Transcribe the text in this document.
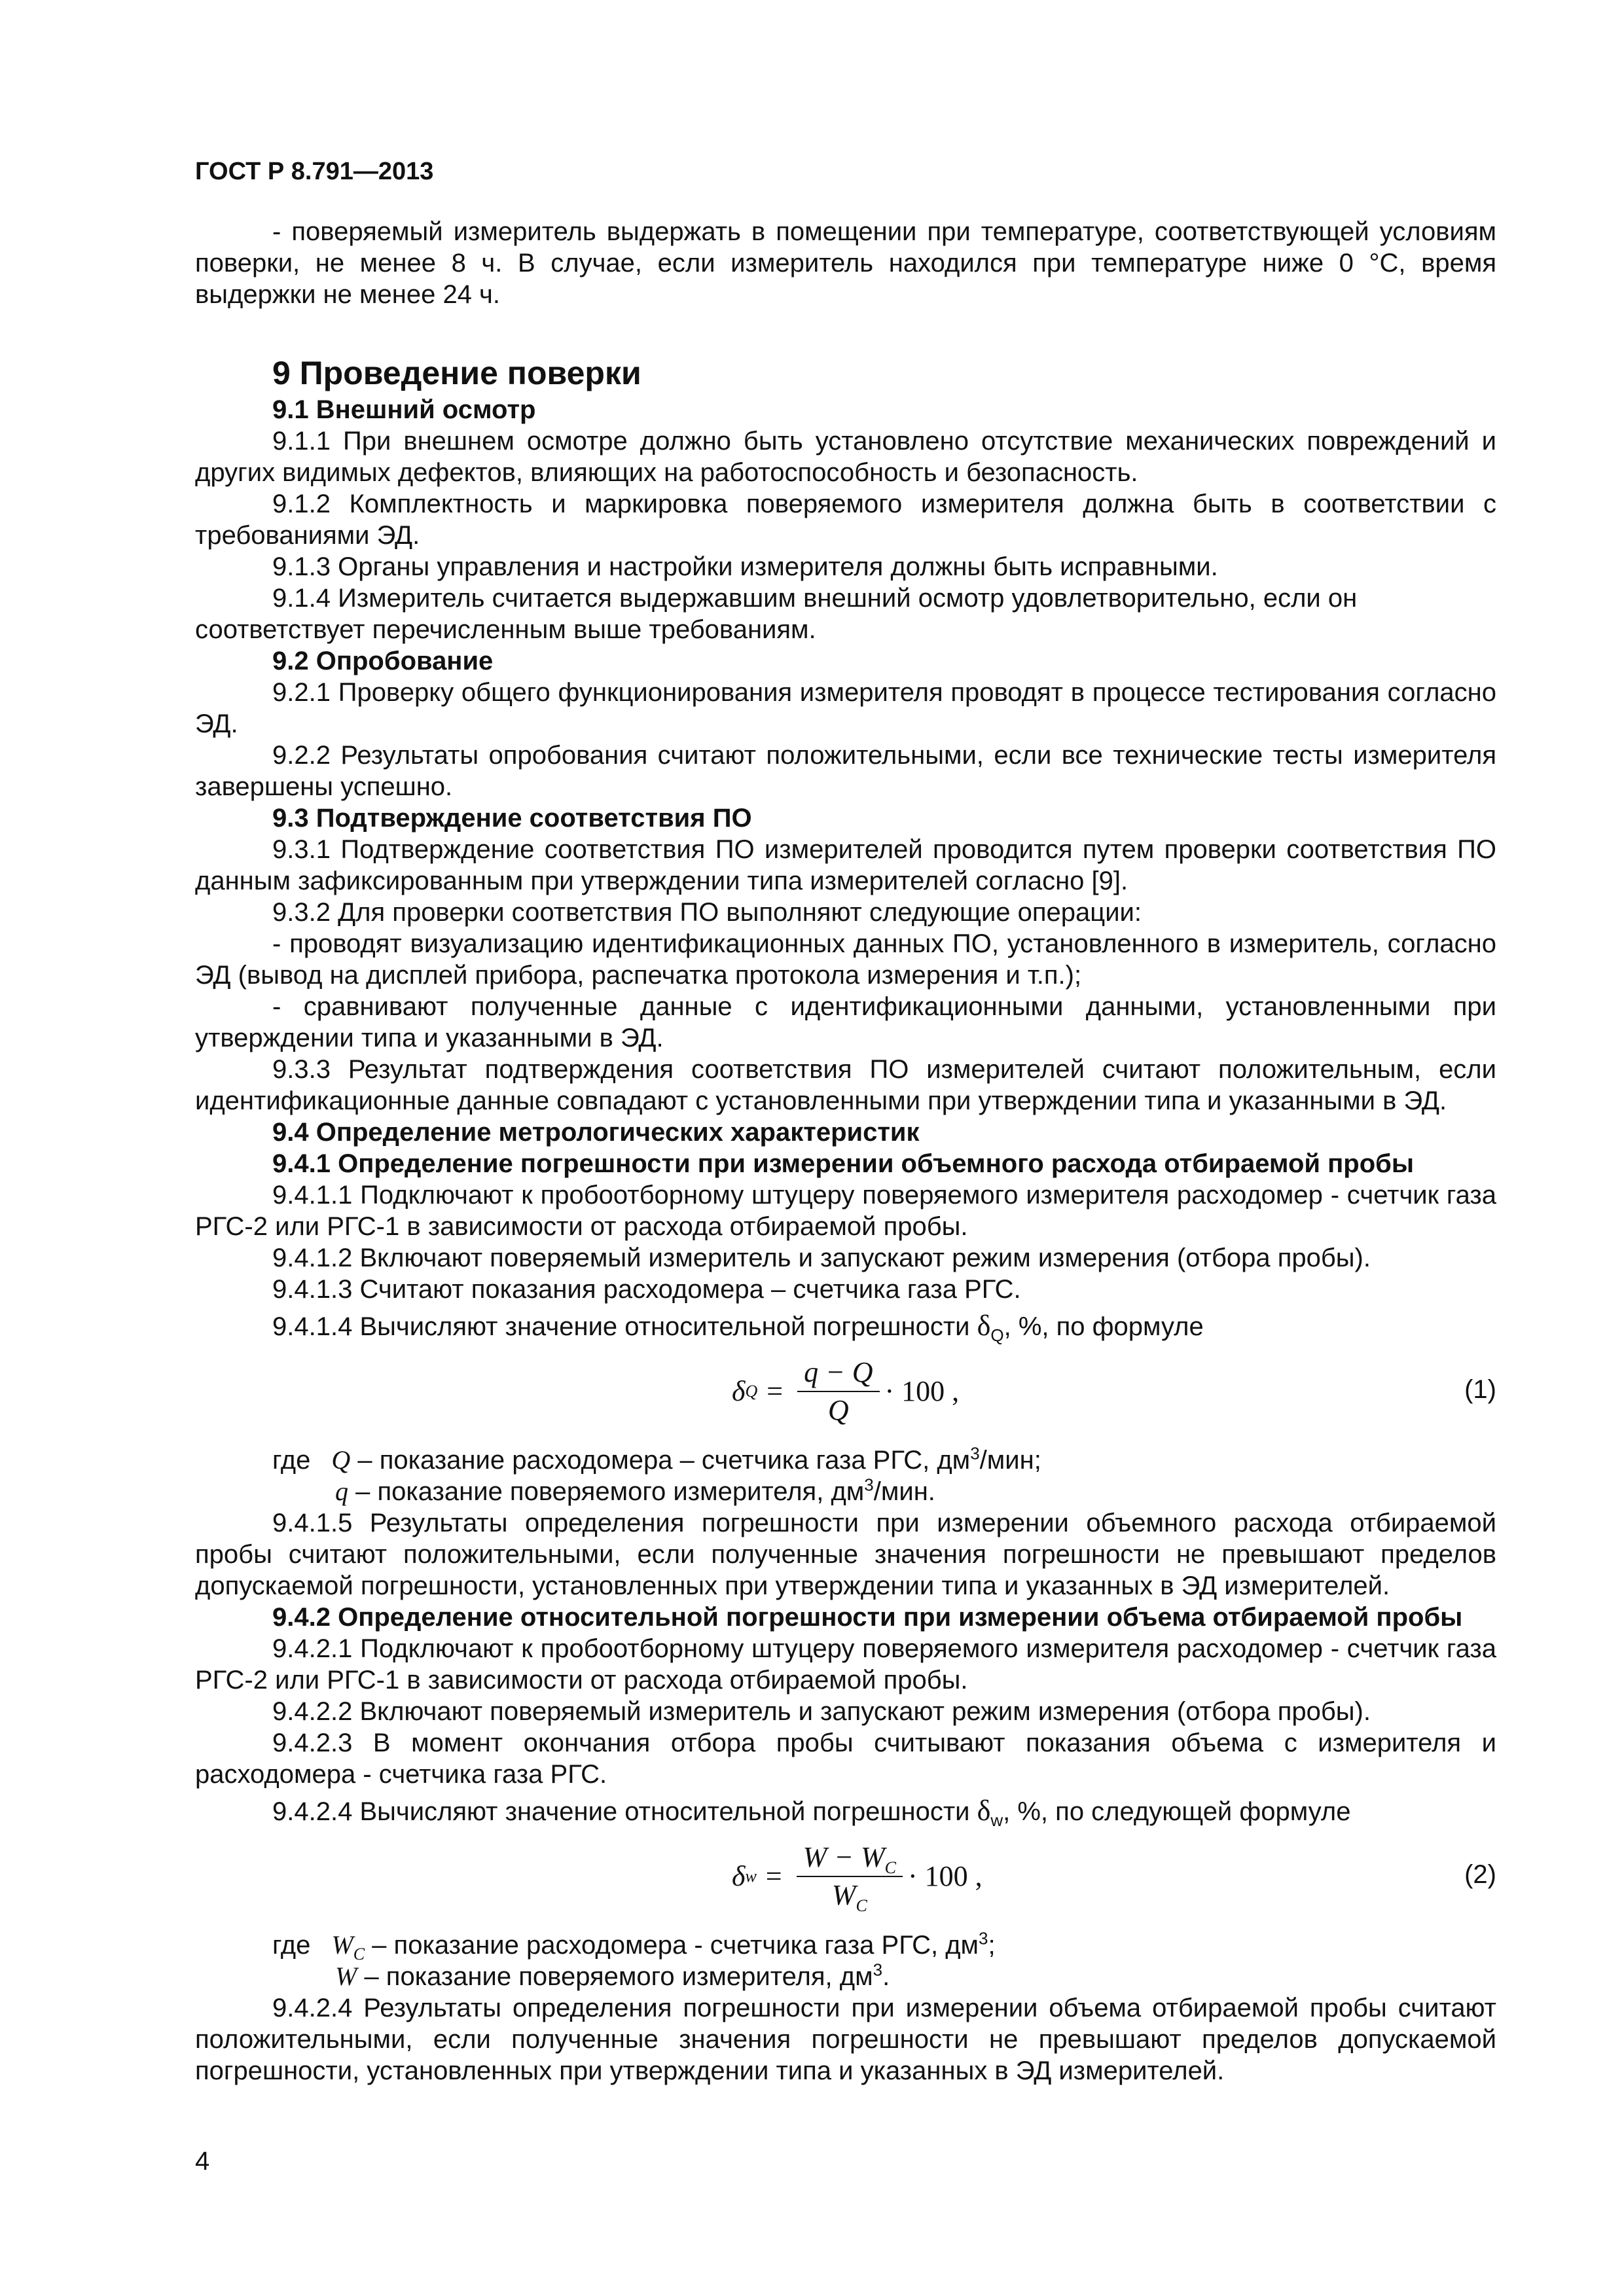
ГОСТ Р 8.791—2013

- поверяемый измеритель выдержать в помещении при температуре, соответствующей условиям поверки, не менее 8 ч. В случае, если измеритель находился при температуре ниже 0 °С, время выдержки не менее 24 ч.

9 Проведение поверки
9.1 Внешний осмотр

9.1.1 При внешнем осмотре должно быть установлено отсутствие механических повреждений и других видимых дефектов, влияющих на работоспособность и безопасность.

9.1.2 Комплектность и маркировка поверяемого измерителя должна быть в соответствии с требованиями ЭД.

9.1.3 Органы управления и настройки измерителя должны быть исправными.

9.1.4 Измеритель считается выдержавшим внешний осмотр удовлетворительно, если он соответствует перечисленным выше требованиям.

9.2 Опробование

9.2.1 Проверку общего функционирования измерителя проводят в процессе тестирования согласно ЭД.

9.2.2 Результаты опробования считают положительными, если все технические тесты измерителя завершены успешно.

9.3 Подтверждение соответствия ПО

9.3.1 Подтверждение соответствия ПО измерителей проводится путем проверки соответствия ПО данным зафиксированным при утверждении типа измерителей согласно [9].

9.3.2 Для проверки соответствия ПО выполняют следующие операции:

- проводят визуализацию идентификационных данных ПО, установленного в измеритель, согласно ЭД (вывод на дисплей прибора, распечатка протокола измерения и т.п.);

- сравнивают полученные данные с идентификационными данными, установленными при утверждении типа и указанными в ЭД.

9.3.3 Результат подтверждения соответствия ПО измерителей считают положительным, если идентификационные данные совпадают с установленными при утверждении типа и указанными в ЭД.

9.4 Определение метрологических характеристик
9.4.1 Определение погрешности при измерении объемного расхода отбираемой пробы

9.4.1.1 Подключают к пробоотборному штуцеру поверяемого измерителя расходомер - счетчик газа РГС-2 или РГС-1 в зависимости от расхода отбираемой пробы.

9.4.1.2 Включают поверяемый измеритель и запускают режим измерения (отбора пробы).

9.4.1.3 Считают показания расходомера – счетчика газа РГС.

9.4.1.4 Вычисляют значение относительной погрешности $\delta_Q$, %, по формуле

δ $Q = \frac{q - Q}{Q} \cdot 100$ ,	(1)

где Q – показание расходомера – счетчика газа РГС, $дм^3$/мин;

q – показание поверяемого измерителя, $дм^3$/мин.

9.4.1.5 Результаты определения погрешности при измерении объемного расхода отбираемой пробы считают положительными, если полученные значения погрешности не превышают пределов допускаемой погрешности, установленных при утверждении типа и указанных в ЭД измерителей.

9.4.2 Определение относительной погрешности при измерении объема отбираемой пробы

9.4.2.1 Подключают к пробоотборному штуцеру поверяемого измерителя расходомер - счетчик газа РГС-2 или РГС-1 в зависимости от расхода отбираемой пробы.

9.4.2.2 Включают поверяемый измеритель и запускают режим измерения (отбора пробы).

9.4.2.3 В момент окончания отбора пробы считывают показания объема с измерителя и расходомера - счетчика газа РГС.

9.4.2.4 Вычисляют значение относительной погрешности $\delta_w$, %, по следующей формуле

δ $w = \frac{W - W_C}{W_C} \cdot 100$ ,	(2)

где $W_C$ – показание расходомера - счетчика газа РГС, $дм^3$;

W – показание поверяемого измерителя, $дм^3$.

9.4.2.4 Результаты определения погрешности при измерении объема отбираемой пробы считают положительными, если полученные значения погрешности не превышают пределов допускаемой погрешности, установленных при утверждении типа и указанных в ЭД измерителей.

4
